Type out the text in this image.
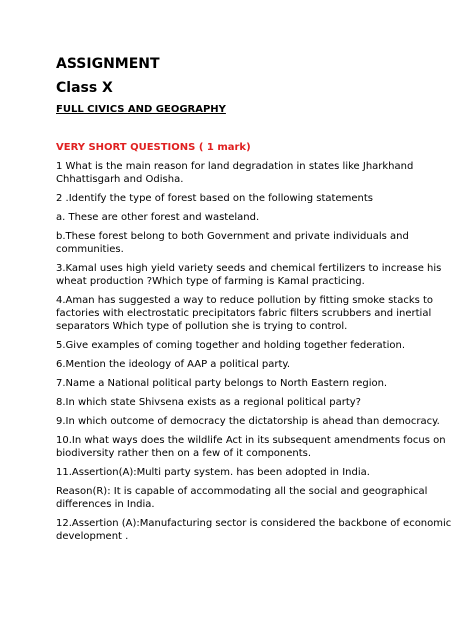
ASSIGNMENT
Class X
FULL CIVICS AND GEOGRAPHY
VERY SHORT QUESTIONS ( 1 mark)
1 What is the main reason for land degradation in states like Jharkhand Chhattisgarh and Odisha.
2 .Identify the type of forest based on the following statements
a. These are other forest and wasteland.
b.These forest belong to both Government and private individuals and communities.
3.Kamal uses high yield variety seeds and chemical fertilizers to increase his wheat production ?Which type of farming is Kamal practicing.
4.Aman has suggested a way to reduce pollution by fitting smoke stacks to factories with electrostatic precipitators fabric filters scrubbers and inertial separators Which type of pollution she is trying to control.
5.Give examples of coming together and holding together federation.
6.Mention the ideology of AAP a political party.
7.Name a National political party belongs to North Eastern region.
8.In which state Shivsena exists as a regional political party?
9.In which outcome of democracy the dictatorship is ahead than democracy.
10.In what ways does the wildlife Act in its subsequent amendments focus on biodiversity rather then on a few of it components.
11.Assertion(A):Multi party system. has been adopted in India.
Reason(R): It is capable of accommodating all the social and geographical differences in India.
12.Assertion (A):Manufacturing sector is considered the backbone of economic development .
